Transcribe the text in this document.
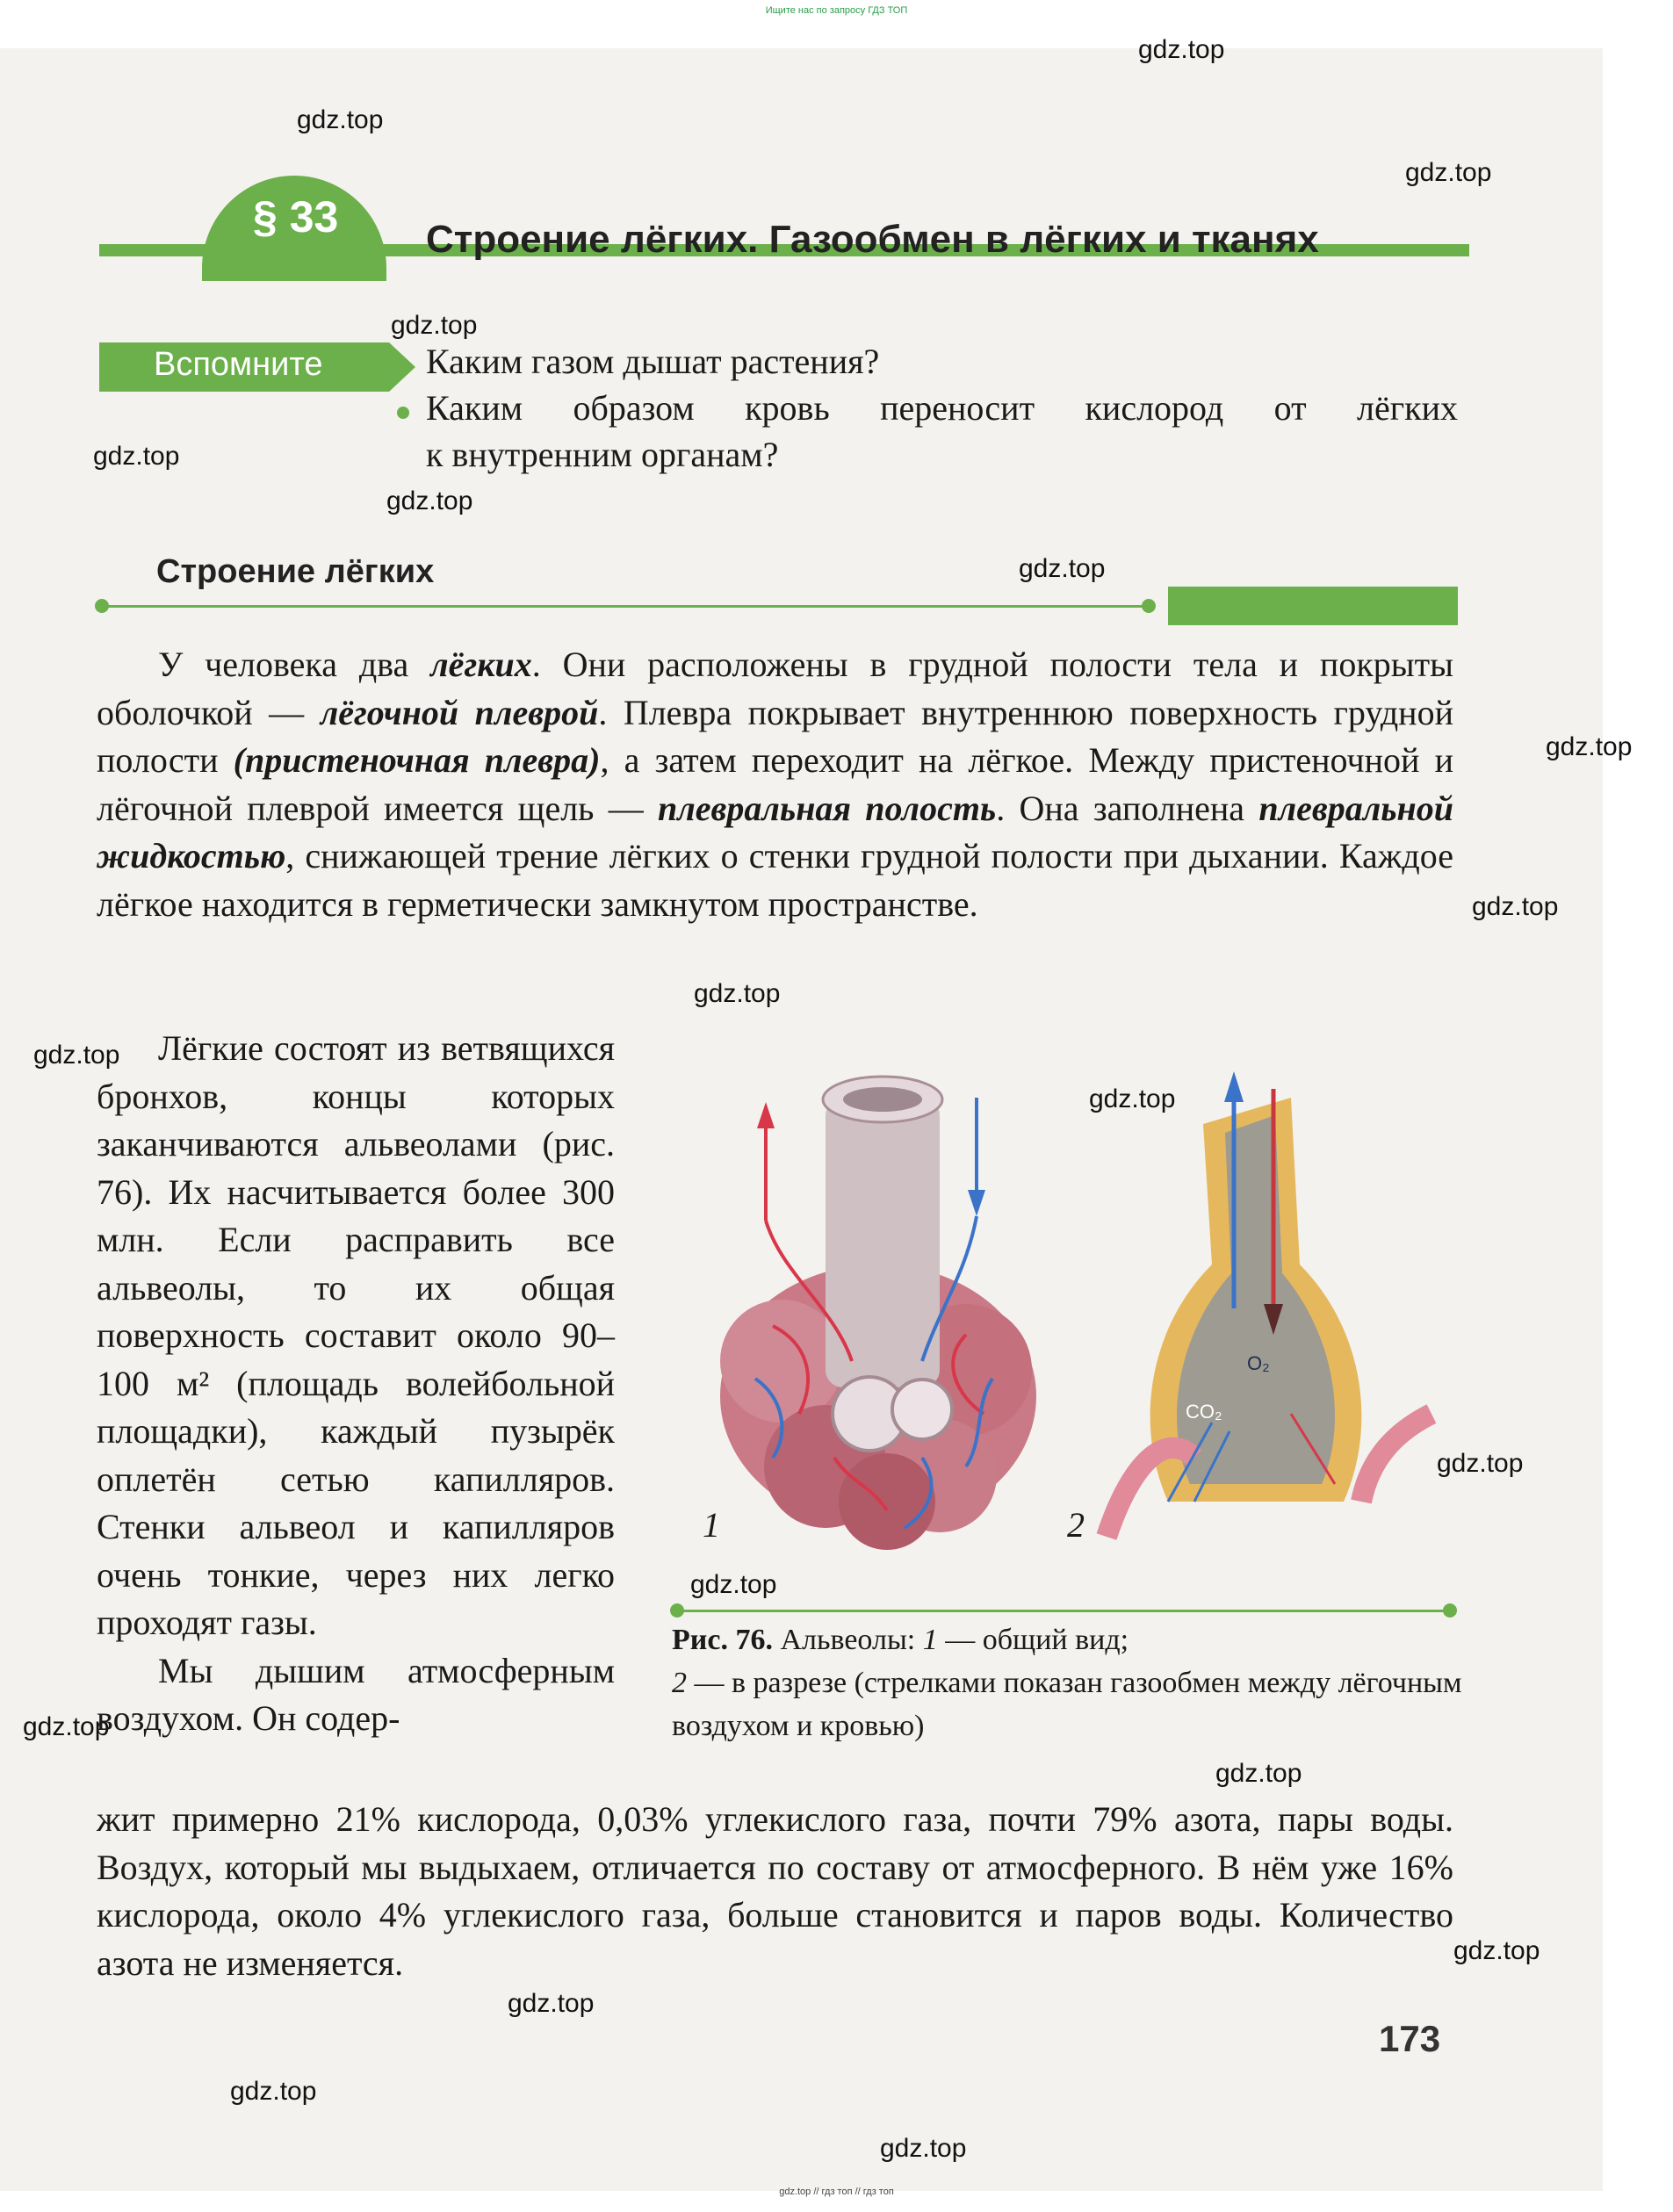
Ищите нас по запросу ГДЗ ТОП
gdz.top
gdz.top
gdz.top
gdz.top
gdz.top
gdz.top
gdz.top
gdz.top
gdz.top
gdz.top
gdz.top
gdz.top
gdz.top
gdz.top
gdz.top
gdz.top
gdz.top
gdz.top
gdz.top
gdz.top
§ 33 Строение лёгких. Газообмен в лёгких и тканях
Вспомните	Каким газом дышат растения?
Каким образом кровь переносит кислород от лёгких
к внутренним органам?
Строение лёгких
У человека два лёгких. Они расположены в грудной полости тела и покрыты оболочкой — лёгочной плеврой. Плевра покрывает внутреннюю поверхность грудной полости (пристеночная плевра), а затем переходит на лёгкое. Между пристеночной и лёгочной плеврой имеется щель — плевральная полость. Она заполнена плевральной жидкостью, снижающей трение лёгких о стенки грудной полости при дыхании. Каждое лёгкое находится в герметически замкнутом пространстве.
Лёгкие состоят из ветвящихся бронхов, концы которых заканчиваются альвеолами (рис. 76). Их насчитывается более 300 млн. Если расправить все альвеолы, то их общая поверхность составит около 90–100 м² (площадь волейбольной площадки), каждый пузырёк оплетён сетью капилляров. Стенки альвеол и капилляров очень тонкие, через них легко проходят газы.
Мы дышим атмосферным воздухом. Он содер-
O₂
CO₂
1	2
Рис. 76. Альвеолы: 1 — общий вид;
2 — в разрезе (стрелками показан газообмен между лёгочным воздухом и кровью)
жит примерно 21% кислорода, 0,03% углекислого газа, почти 79% азота, пары воды. Воздух, который мы выдыхаем, отличается по составу от атмосферного. В нём уже 16% кислорода, около 4% углекислого газа, больше становится и паров воды. Количество азота не изменяется.
173
gdz.top // гдз топ // гдз топ
